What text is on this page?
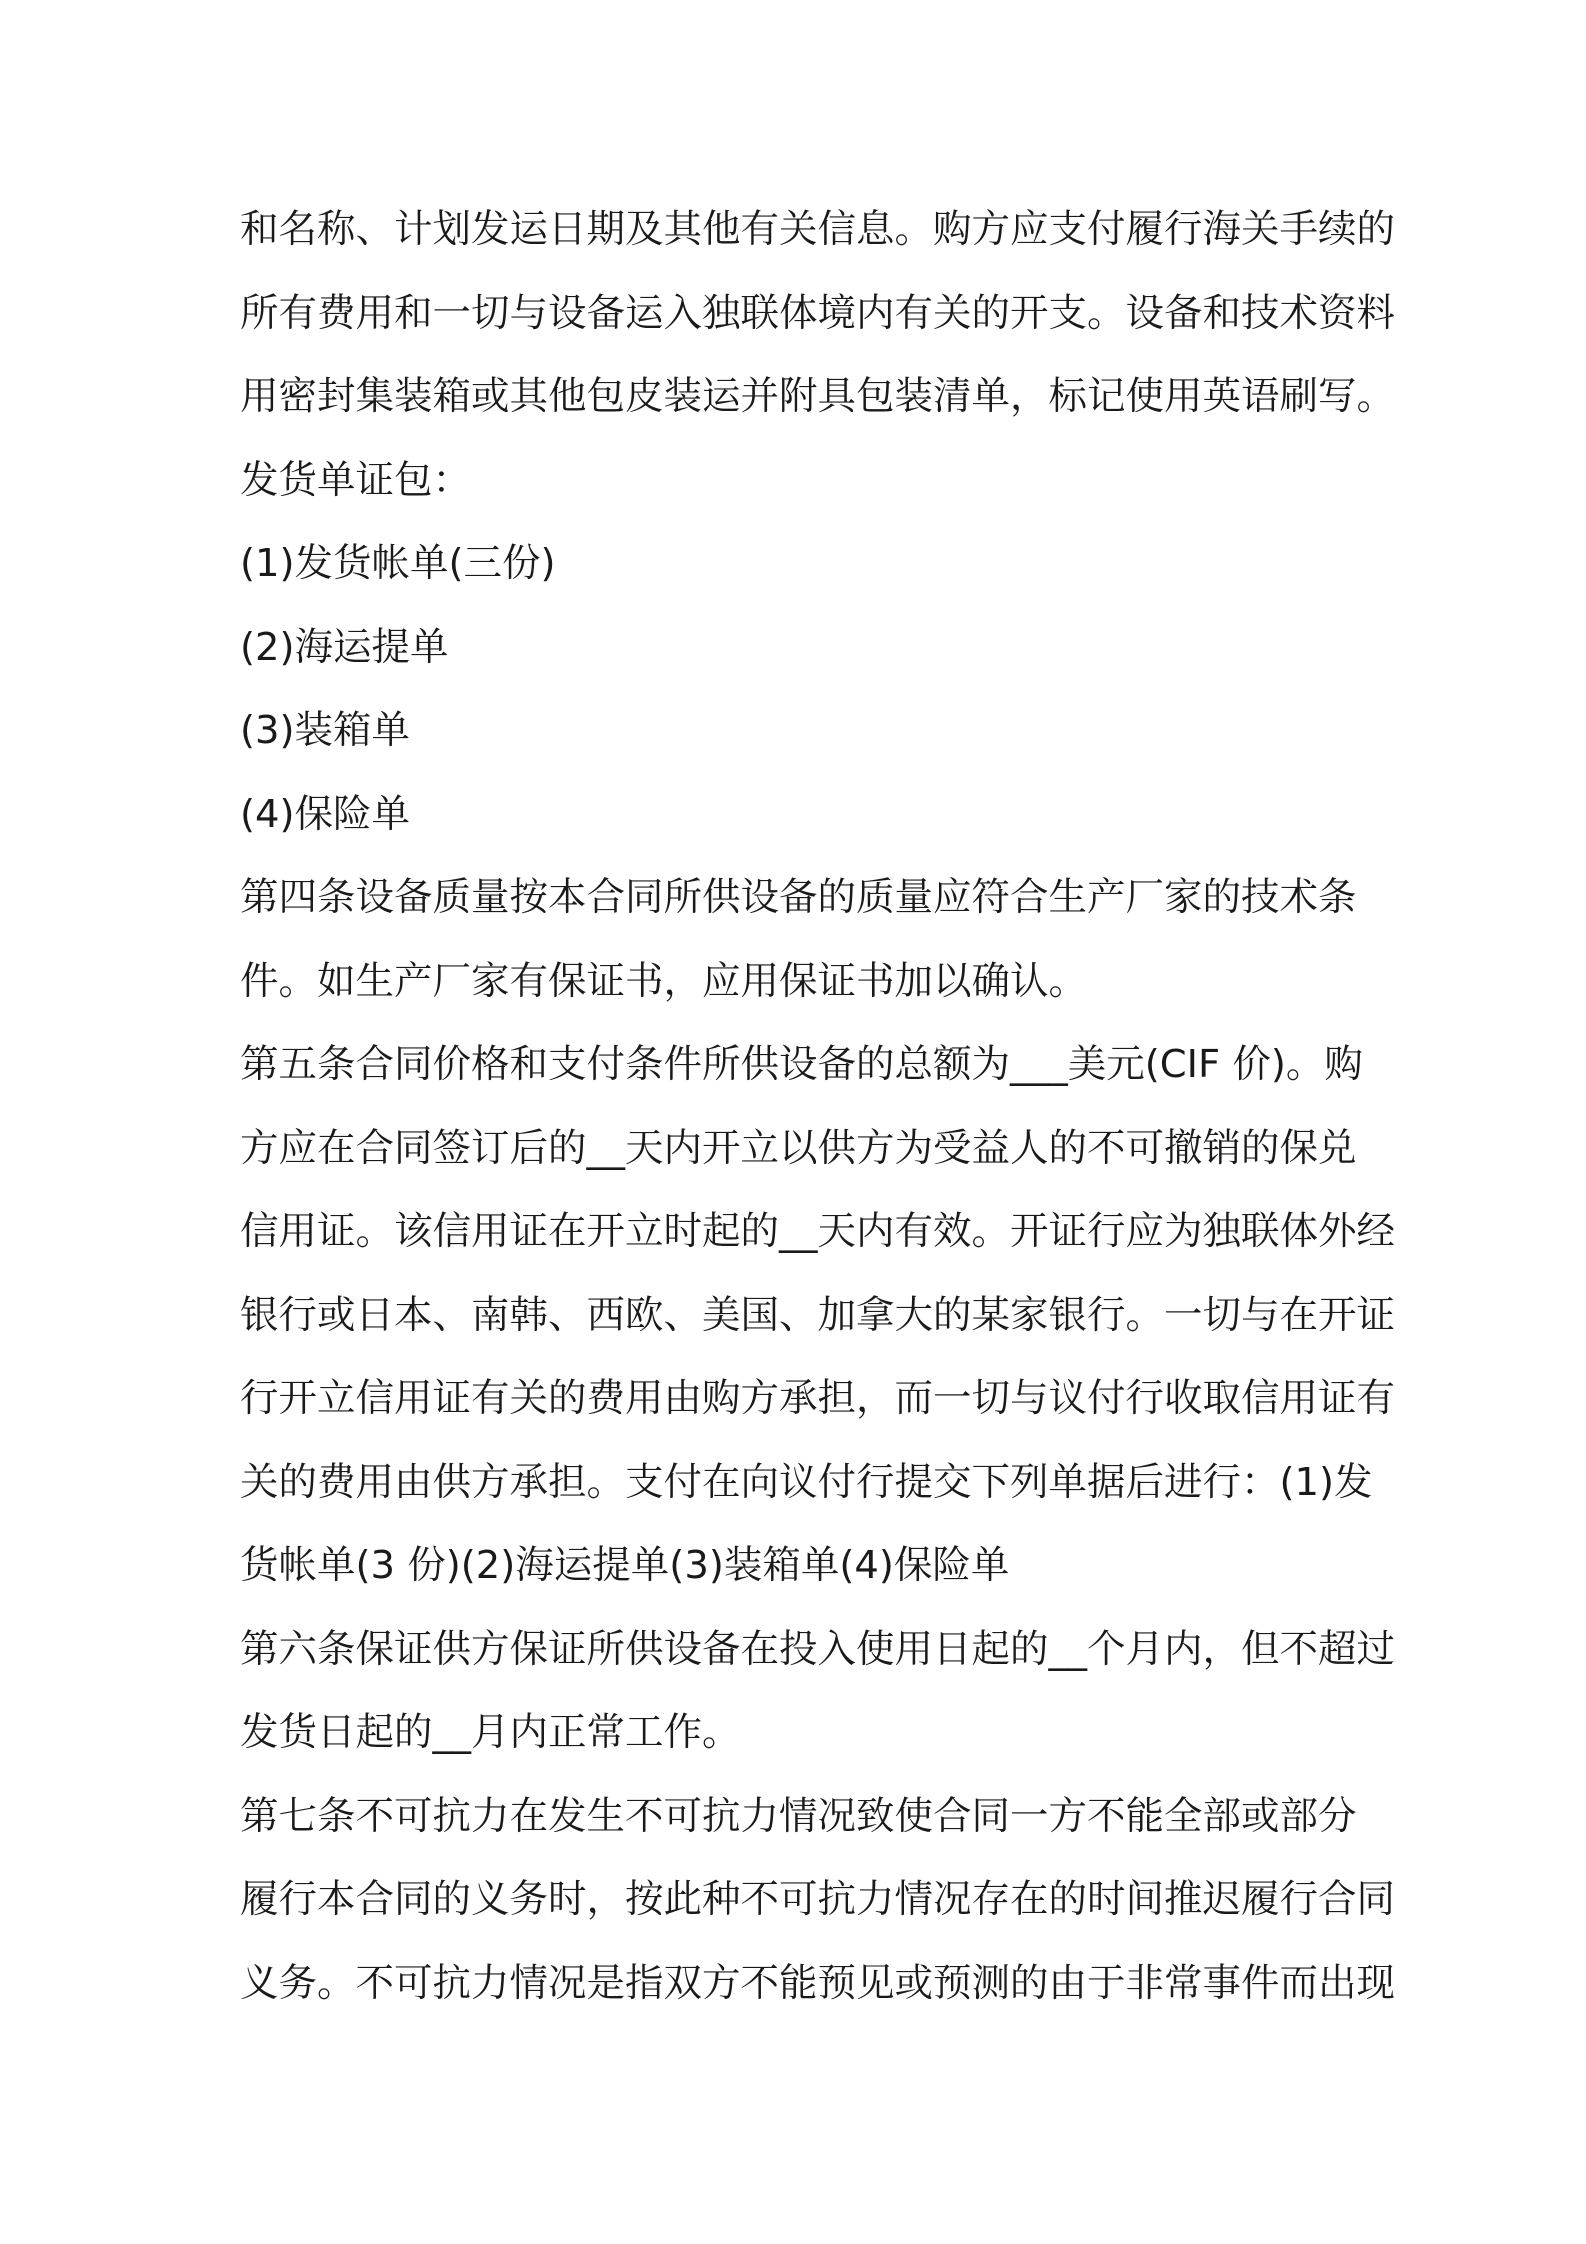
和名称、计划发运日期及其他有关信息。购方应支付履行海关手续的
所有费用和一切与设备运入独联体境内有关的开支。设备和技术资料
用密封集装箱或其他包皮装运并附具包装清单，标记使用英语刷写。
发货单证包：
(1)发货帐单(三份)
(2)海运提单
(3)装箱单
(4)保险单
第四条设备质量按本合同所供设备的质量应符合生产厂家的技术条
件。如生产厂家有保证书，应用保证书加以确认。
第五条合同价格和支付条件所供设备的总额为___美元(CIF 价)。购
方应在合同签订后的__天内开立以供方为受益人的不可撤销的保兑
信用证。该信用证在开立时起的__天内有效。开证行应为独联体外经
银行或日本、南韩、西欧、美国、加拿大的某家银行。一切与在开证
行开立信用证有关的费用由购方承担，而一切与议付行收取信用证有
关的费用由供方承担。支付在向议付行提交下列单据后进行：(1)发
货帐单(3 份)(2)海运提单(3)装箱单(4)保险单
第六条保证供方保证所供设备在投入使用日起的__个月内，但不超过
发货日起的__月内正常工作。
第七条不可抗力在发生不可抗力情况致使合同一方不能全部或部分
履行本合同的义务时，按此种不可抗力情况存在的时间推迟履行合同
义务。不可抗力情况是指双方不能预见或预测的由于非常事件而出现
